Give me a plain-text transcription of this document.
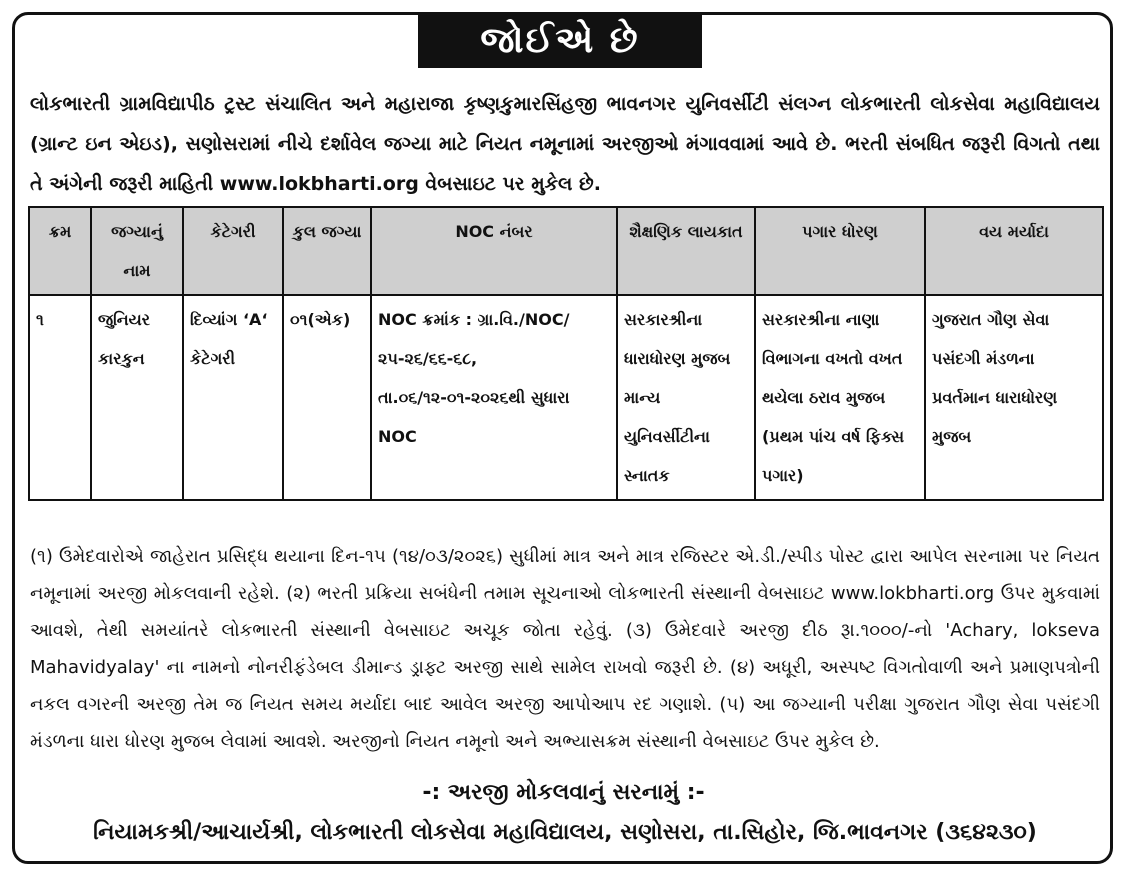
જોઈએ છે
લોકભારતી ગ્રામવિદ્યાપીઠ ટ્રસ્ટ સંચાલિત અને મહારાજા કૃષ્ણકુમારસિંહજી ભાવનગર યુનિવર્સીટી સંલગ્ન લોકભારતી લોકસેવા મહાવિદ્યાલય (ગ્રાન્ટ ઇન એઇડ), સણોસરામાં નીચે દર્શાવેલ જગ્યા માટે નિયત નમૂનામાં અરજીઓ મંગાવવામાં આવે છે. ભરતી સંબધિત જરૂરી વિગતો તથા તે અંગેની જરૂરી માહિતી www.lokbharti.org વેબસાઇટ પર મુકેલ છે.
ક્રમ	જગ્યાનું નામ	કેટેગરી	કુલ જગ્યા	NOC નંબર	શૈક્ષણિક લાયકાત	પગાર ધોરણ	વય મર્યાદા
૧	જુનિયર કારકુન	દિવ્યાંગ ‘A‘ કેટેગરી	૦૧(એક)	NOC ક્રમાંક : ગ્રા.વિ./NOC/૨૫-૨૬/૬૬-૬૮, તા.૦૬/૧૨-૦૧-૨૦૨૬થી સુધારા NOC	સરકારશ્રીના ધારાધોરણ મુજબ માન્ય યુનિવર્સીટીના સ્નાતક	સરકારશ્રીના નાણા વિભાગના વખતો વખત થયેલા ઠરાવ મુજબ (પ્રથમ પાંચ વર્ષ ફિક્સ પગાર)	ગુજરાત ગૌણ સેવા પસંદગી મંડળના પ્રવર્તમાન ધારાધોરણ મુજબ
(૧) ઉમેદવારોએ જાહેરાત પ્રસિદ્ધ થયાના દિન-૧૫ (૧૪/૦૩/૨૦૨૬) સુધીમાં માત્ર અને માત્ર રજિસ્ટર એ.ડી./સ્પીડ પોસ્ટ દ્વારા આપેલ સરનામા પર નિયત નમૂનામાં અરજી મોકલવાની રહેશે. (૨) ભરતી પ્રક્રિયા સબંધેની તમામ સૂચનાઓ લોકભારતી સંસ્થાની વેબસાઇટ www.lokbharti.org ઉપર મુકવામાં આવશે, તેથી સમયાંતરે લોકભારતી સંસ્થાની વેબસાઇટ અચૂક જોતા રહેવું. (૩) ઉમેદવારે અરજી દીઠ રૂા.૧૦૦૦/-નો 'Achary, lokseva Mahavidyalay' ના નામનો નોનરીફંડેબલ ડીમાન્ડ ડ્રાફ્ટ અરજી સાથે સામેલ રાખવો જરૂરી છે. (૪) અધૂરી, અસ્પષ્ટ વિગતોવાળી અને પ્રમાણપત્રોની નકલ વગરની અરજી તેમ જ નિયત સમય મર્યાદા બાદ આવેલ અરજી આપોઆપ રદ ગણાશે. (૫) આ જગ્યાની પરીક્ષા ગુજરાત ગૌણ સેવા પસંદગી મંડળના ધારા ધોરણ મુજબ લેવામાં આવશે. અરજીનો નિયત નમૂનો અને અભ્યાસક્રમ સંસ્થાની વેબસાઇટ ઉપર મુકેલ છે.
-: અરજી મોકલવાનું સરનામું :-
નિયામકશ્રી/આચાર્યશ્રી, લોકભારતી લોકસેવા મહાવિદ્યાલય, સણોસરા, તા.સિહોર, જિ.ભાવનગર (૩૬૪૨૩૦)
